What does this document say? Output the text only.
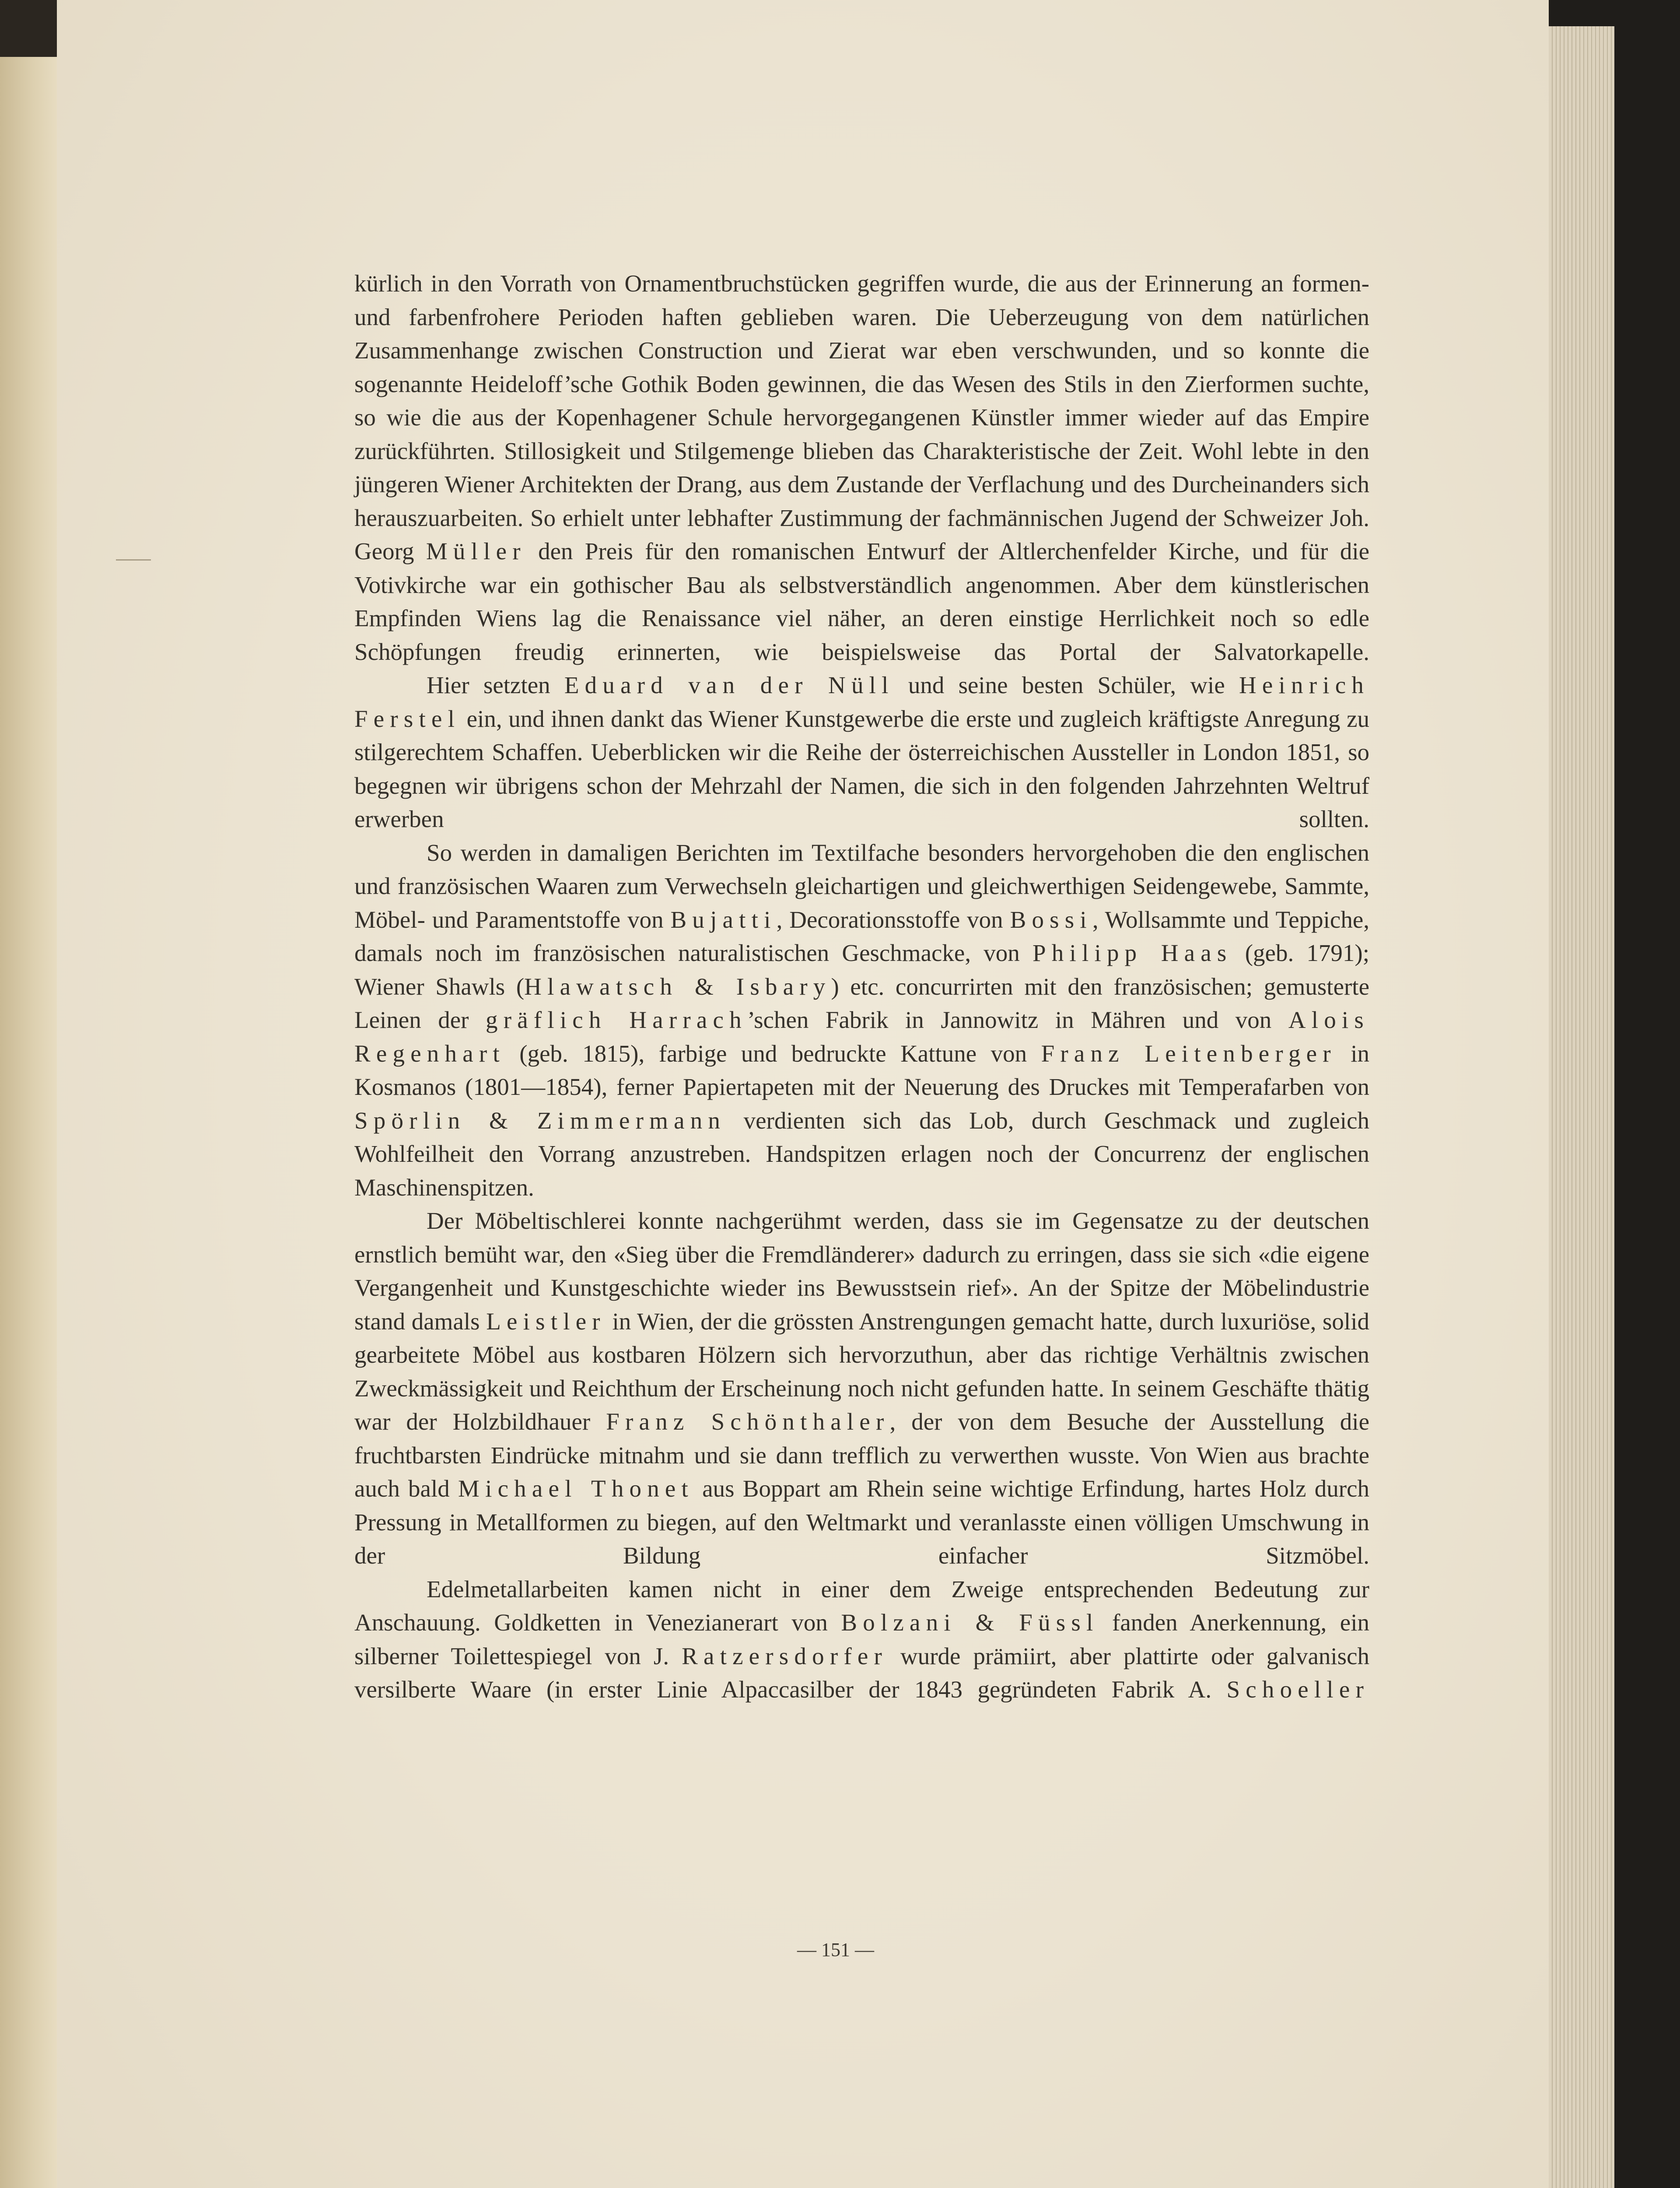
kürlich in den Vorrath von Ornamentbruchstücken gegriffen wurde, die aus der Erinnerung an formen- und farbenfrohere Perioden haften geblieben waren. Die Ueberzeugung von dem natürlichen Zusammenhange zwischen Construction und Zierat war eben verschwunden, und so konnte die sogenannte Heideloff’sche Gothik Boden gewinnen, die das Wesen des Stils in den Zierformen suchte, so wie die aus der Kopenhagener Schule hervorgegangenen Künstler immer wieder auf das Empire zurückführten. Stillosigkeit und Stilgemenge blieben das Charakteristische der Zeit. Wohl lebte in den jüngeren Wiener Architekten der Drang, aus dem Zustande der Verflachung und des Durcheinanders sich herauszuarbeiten. So erhielt unter lebhafter Zustimmung der fachmännischen Jugend der Schweizer Joh. Georg Müller den Preis für den romanischen Entwurf der Altlerchenfelder Kirche, und für die Votivkirche war ein gothischer Bau als selbstverständlich angenommen. Aber dem künstlerischen Empfinden Wiens lag die Renaissance viel näher, an deren einstige Herrlichkeit noch so edle Schöpfungen freudig erinnerten, wie beispielsweise das Portal der Salvatorkapelle.

Hier setzten Eduard van der Nüll und seine besten Schüler, wie Heinrich Ferstel ein, und ihnen dankt das Wiener Kunstgewerbe die erste und zugleich kräftigste Anregung zu stilgerechtem Schaffen. Ueberblicken wir die Reihe der österreichischen Aussteller in London 1851, so begegnen wir übrigens schon der Mehrzahl der Namen, die sich in den folgenden Jahrzehnten Weltruf erwerben sollten.

So werden in damaligen Berichten im Textilfache besonders hervorgehoben die den englischen und französischen Waaren zum Verwechseln gleichartigen und gleichwerthigen Seidengewebe, Sammte, Möbel- und Paramentstoffe von Bujatti, Decorationsstoffe von Bossi, Wollsammte und Teppiche, damals noch im französischen naturalistischen Geschmacke, von Philipp Haas (geb. 1791); Wiener Shawls (Hlawatsch & Isbary) etc. concurrirten mit den französischen; gemusterte Leinen der gräflich Harrach’schen Fabrik in Jannowitz in Mähren und von Alois Regenhart (geb. 1815), farbige und bedruckte Kattune von Franz Leitenberger in Kosmanos (1801—1854), ferner Papiertapeten mit der Neuerung des Druckes mit Temperafarben von Spörlin & Zimmermann verdienten sich das Lob, durch Geschmack und zugleich Wohlfeilheit den Vorrang anzustreben. Handspitzen erlagen noch der Concurrenz der englischen Maschinenspitzen.

Der Möbeltischlerei konnte nachgerühmt werden, dass sie im Gegensatze zu der deutschen ernstlich bemüht war, den «Sieg über die Fremdländerer» dadurch zu erringen, dass sie sich «die eigene Vergangenheit und Kunstgeschichte wieder ins Bewusstsein rief». An der Spitze der Möbelindustrie stand damals Leistler in Wien, der die grössten Anstrengungen gemacht hatte, durch luxuriöse, solid gearbeitete Möbel aus kostbaren Hölzern sich hervorzuthun, aber das richtige Verhältnis zwischen Zweckmässigkeit und Reichthum der Erscheinung noch nicht gefunden hatte. In seinem Geschäfte thätig war der Holzbildhauer Franz Schönthaler, der von dem Besuche der Ausstellung die fruchtbarsten Eindrücke mitnahm und sie dann trefflich zu verwerthen wusste. Von Wien aus brachte auch bald Michael Thonet aus Boppart am Rhein seine wichtige Erfindung, hartes Holz durch Pressung in Metallformen zu biegen, auf den Weltmarkt und veranlasste einen völligen Umschwung in der Bildung einfacher Sitzmöbel.

Edelmetallarbeiten kamen nicht in einer dem Zweige entsprechenden Bedeutung zur Anschauung. Goldketten in Venezianerart von Bolzani & Füssl fanden Anerkennung, ein silberner Toilettespiegel von J. Ratzersdorfer wurde prämiirt, aber plattirte oder galvanisch versilberte Waare (in erster Linie Alpaccasilber der 1843 gegründeten Fabrik A. Schoeller

— 151 —
